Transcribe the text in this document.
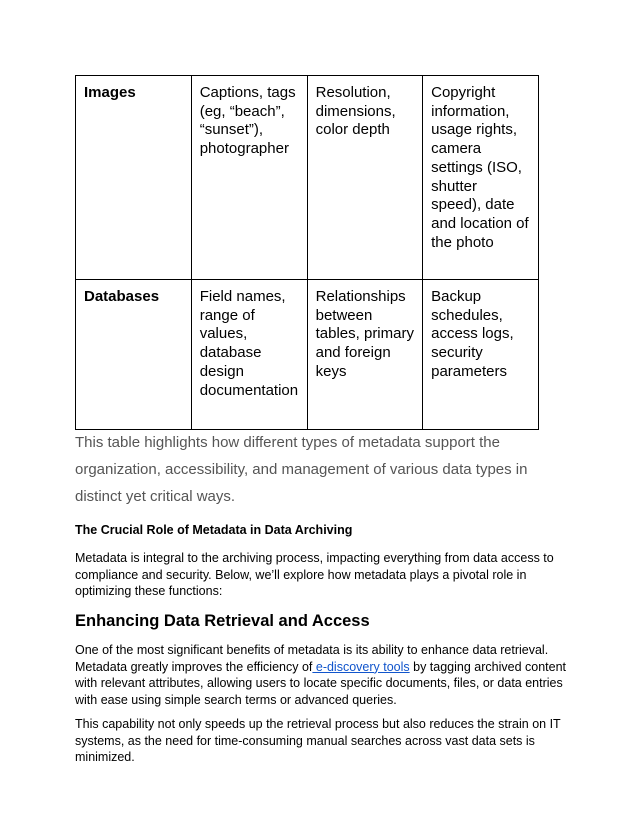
Images	Captions, tags (eg, “beach”, “sunset”), photographer	Resolution, dimensions, color depth	Copyright information, usage rights, camera settings (ISO, shutter speed), date and location of the photo
Databases	Field names, range of values, database design documentation	Relationships between tables, primary and foreign keys	Backup schedules, access logs, security parameters
This table highlights how different types of metadata support the organization, accessibility, and management of various data types in distinct yet critical ways.
The Crucial Role of Metadata in Data Archiving
Metadata is integral to the archiving process, impacting everything from data access to compliance and security. Below, we’ll explore how metadata plays a pivotal role in optimizing these functions:
Enhancing Data Retrieval and Access
One of the most significant benefits of metadata is its ability to enhance data retrieval. Metadata greatly improves the efficiency of e-discovery tools by tagging archived content with relevant attributes, allowing users to locate specific documents, files, or data entries with ease using simple search terms or advanced queries.
This capability not only speeds up the retrieval process but also reduces the strain on IT systems, as the need for time-consuming manual searches across vast data sets is minimized.
